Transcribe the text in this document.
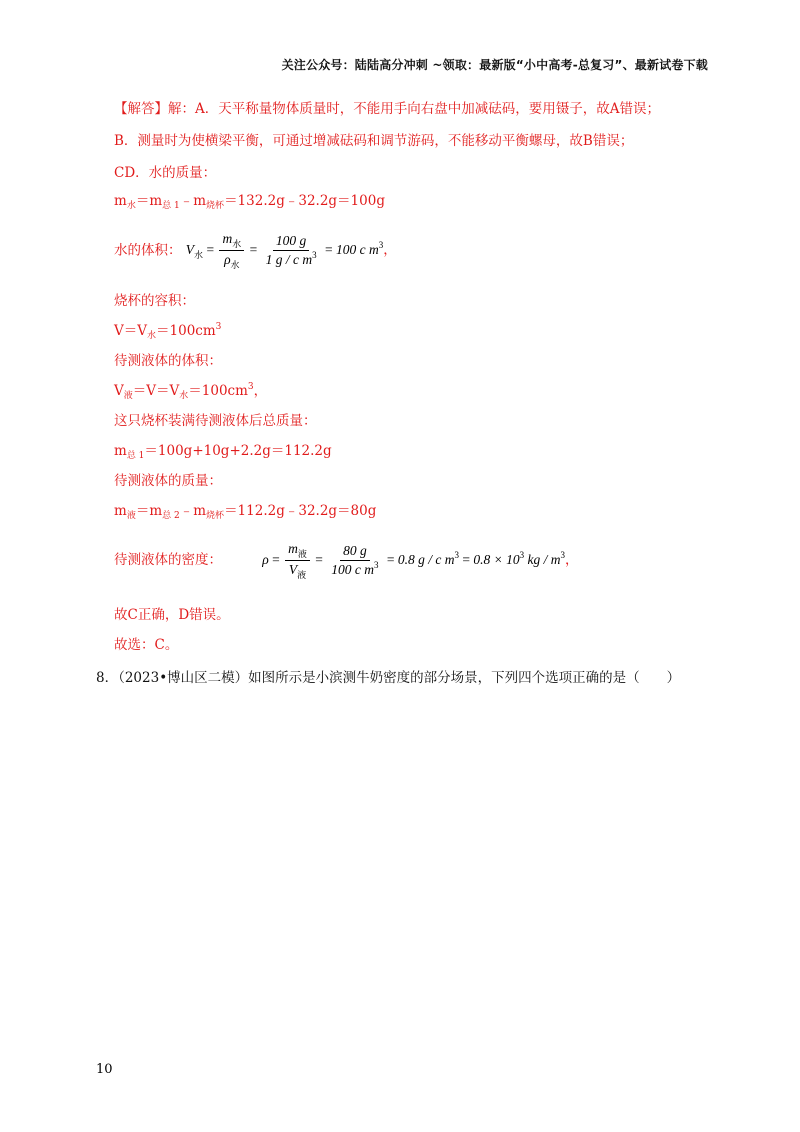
关注公众号：陆陆高分冲刺 ~领取：最新版“小中高考-总复习”、最新试卷下载
【解答】解：A．天平称量物体质量时，不能用手向右盘中加减砝码，要用镊子，故A错误；
B．测量时为使横梁平衡，可通过增减砝码和调节游码，不能移动平衡螺母，故B错误；
CD．水的质量：
$m_水=m_{总 1}﹣m_{烧杯}=132.2g﹣32.2g=100g$
水的体积： $V_水 = \frac{m_水}{\rho_水} = \frac{100 g}{1 g / c m^3} = 100$ c $m^3$，
烧杯的容积：
$V=V_水=100cm^3$
待测液体的体积：
$V_液=V=V_水=100cm^3$，
这只烧杯装满待测液体后总质量：
$m_{总 1}=100g+10g+2.2g=112.2g$
待测液体的质量：
$m_液=m_{总 2}﹣m_{烧杯}=112.2g﹣32.2g=80g$
待测液体的密度：	$\rho = \frac{m_液}{V_液} = \frac{80 g}{100 c m^3} = 0.8$ g / c $m^3 = 0.8 \times 10^3$ kg / $m^3$，
故C正确，D错误。
故选：C。
8．（2023•博山区二模）如图所示是小滨测牛奶密度的部分场景，下列四个选项正确的是（　　）
10
